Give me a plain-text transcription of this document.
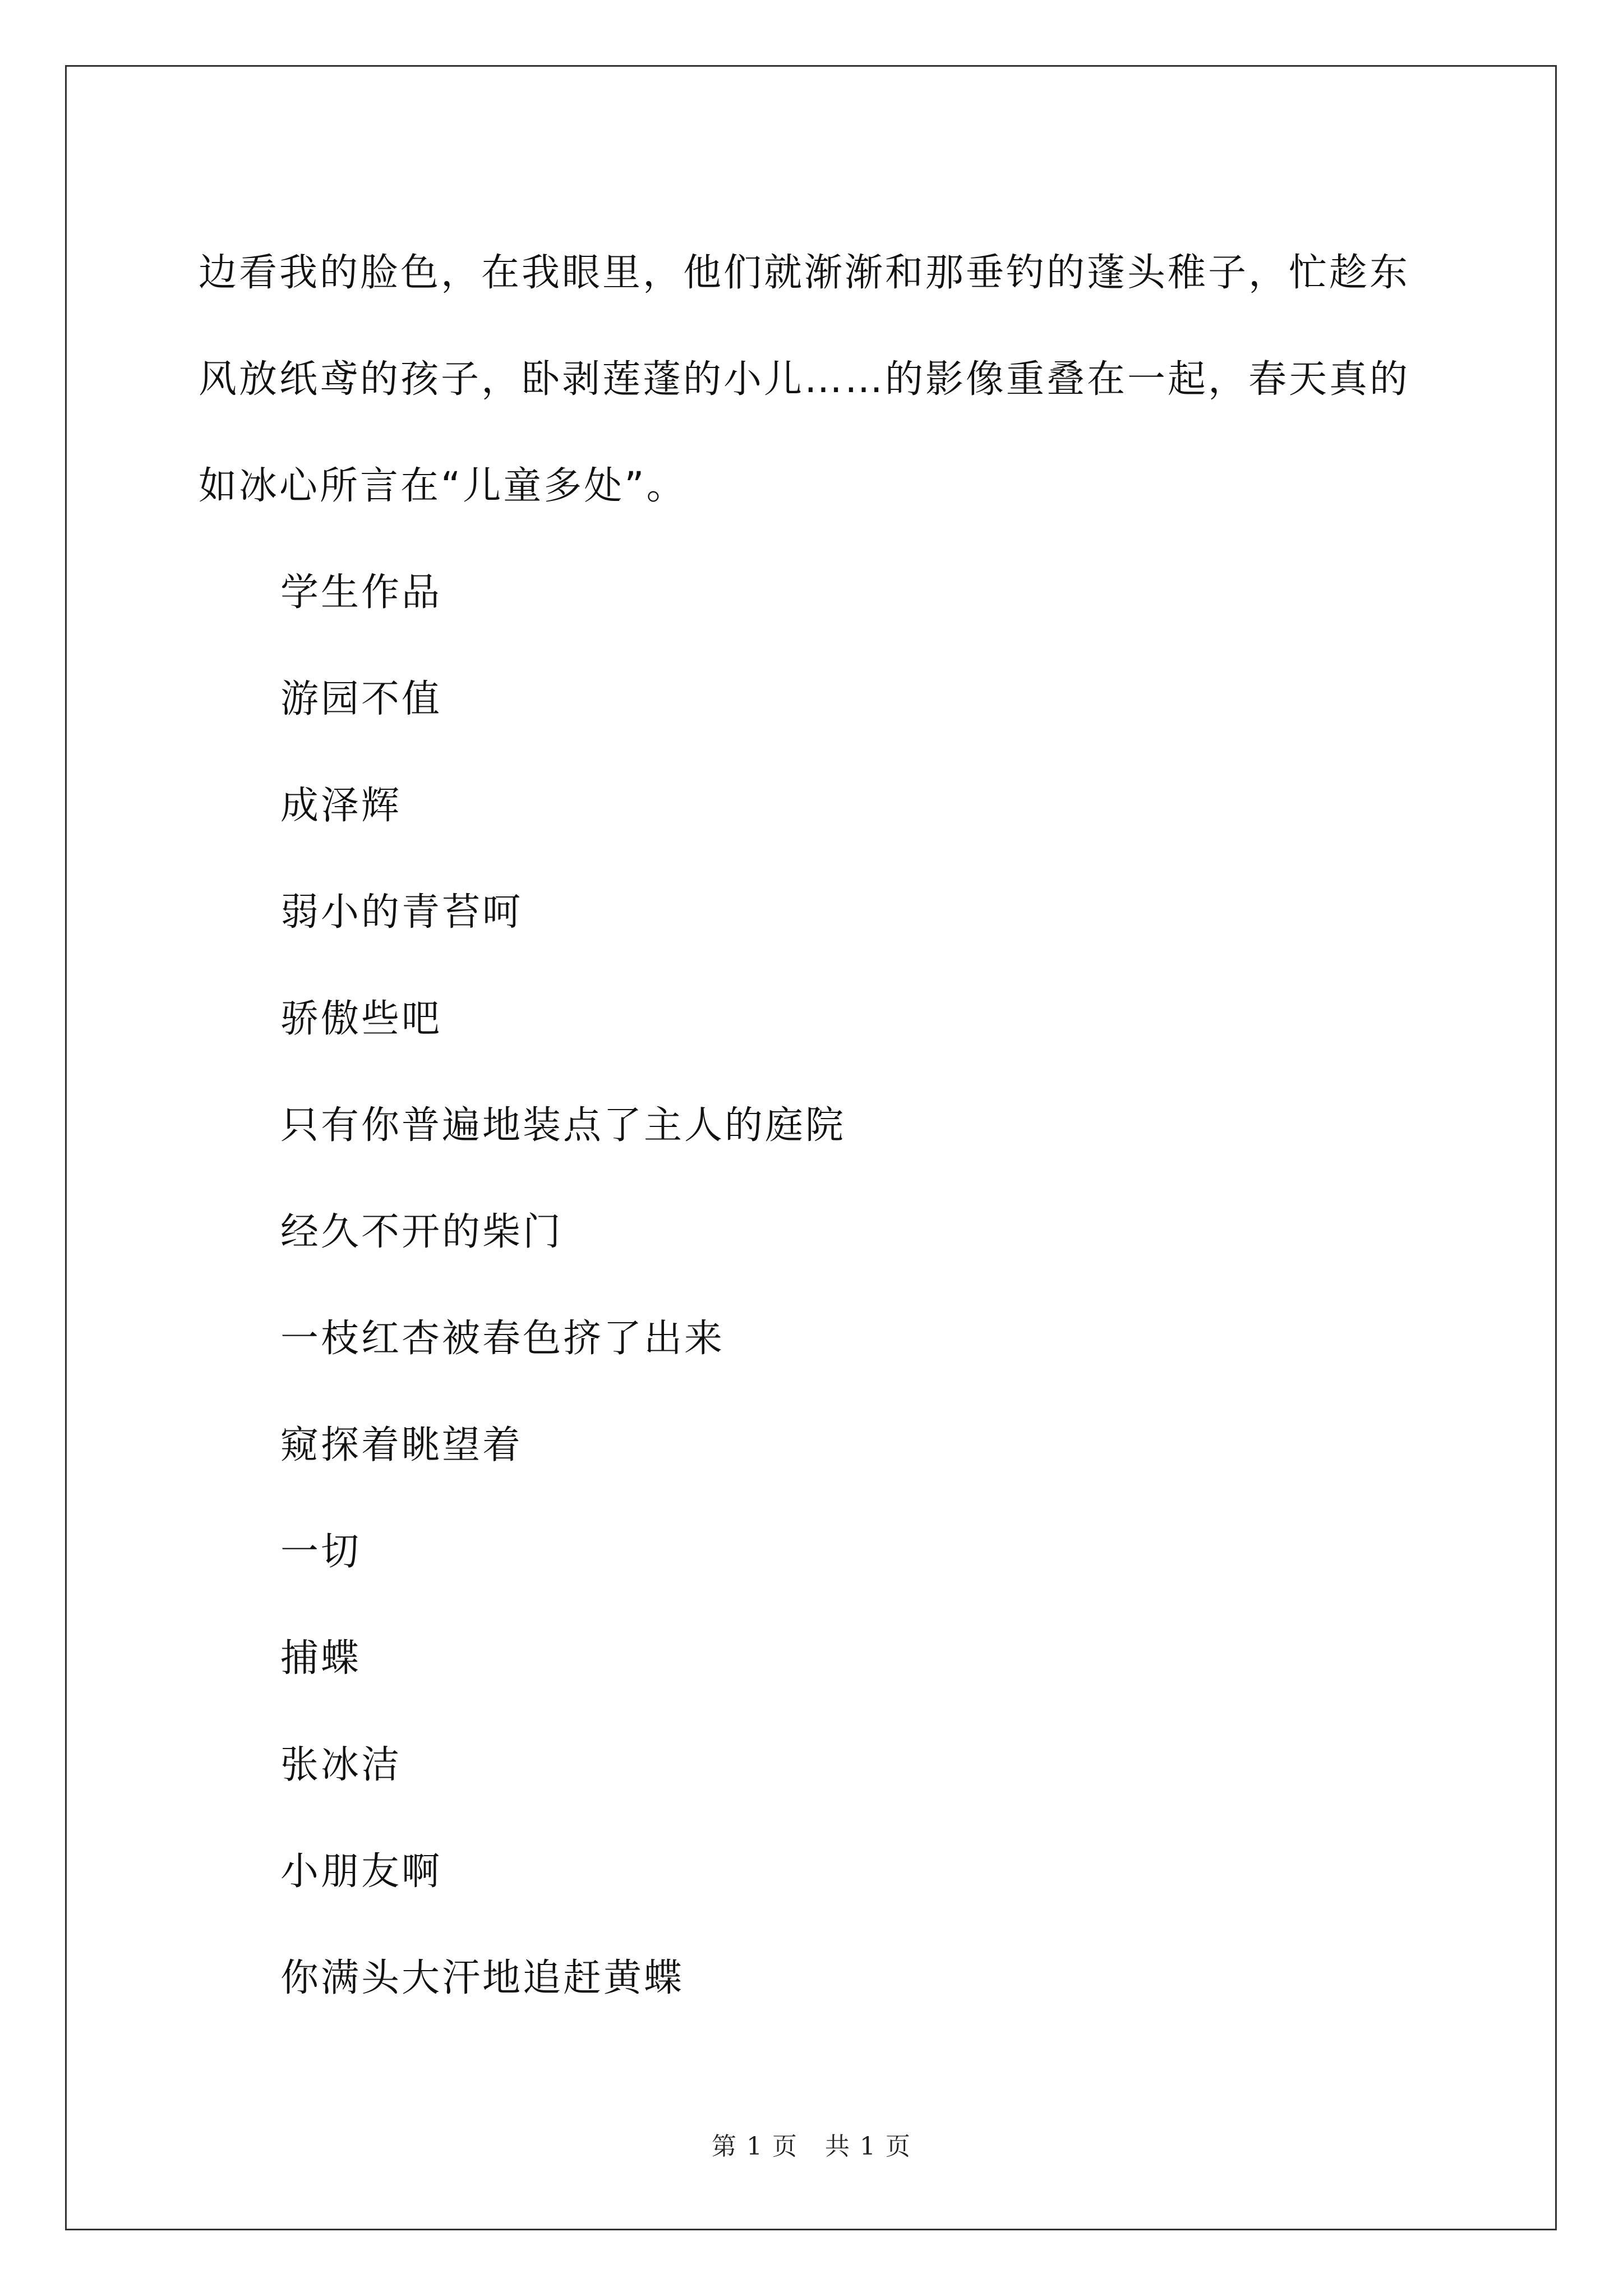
边看我的脸色，在我眼里，他们就渐渐和那垂钓的蓬头稚子，忙趁东

风放纸鸢的孩子，卧剥莲蓬的小儿……的影像重叠在一起，春天真的

如冰心所言在“儿童多处”。

学生作品

游园不值

成泽辉

弱小的青苔呵

骄傲些吧

只有你普遍地装点了主人的庭院

经久不开的柴门

一枝红杏被春色挤了出来

窥探着眺望着

一切

捕蝶

张冰洁

小朋友啊

你满头大汗地追赶黄蝶

第 1 页 共 1 页
